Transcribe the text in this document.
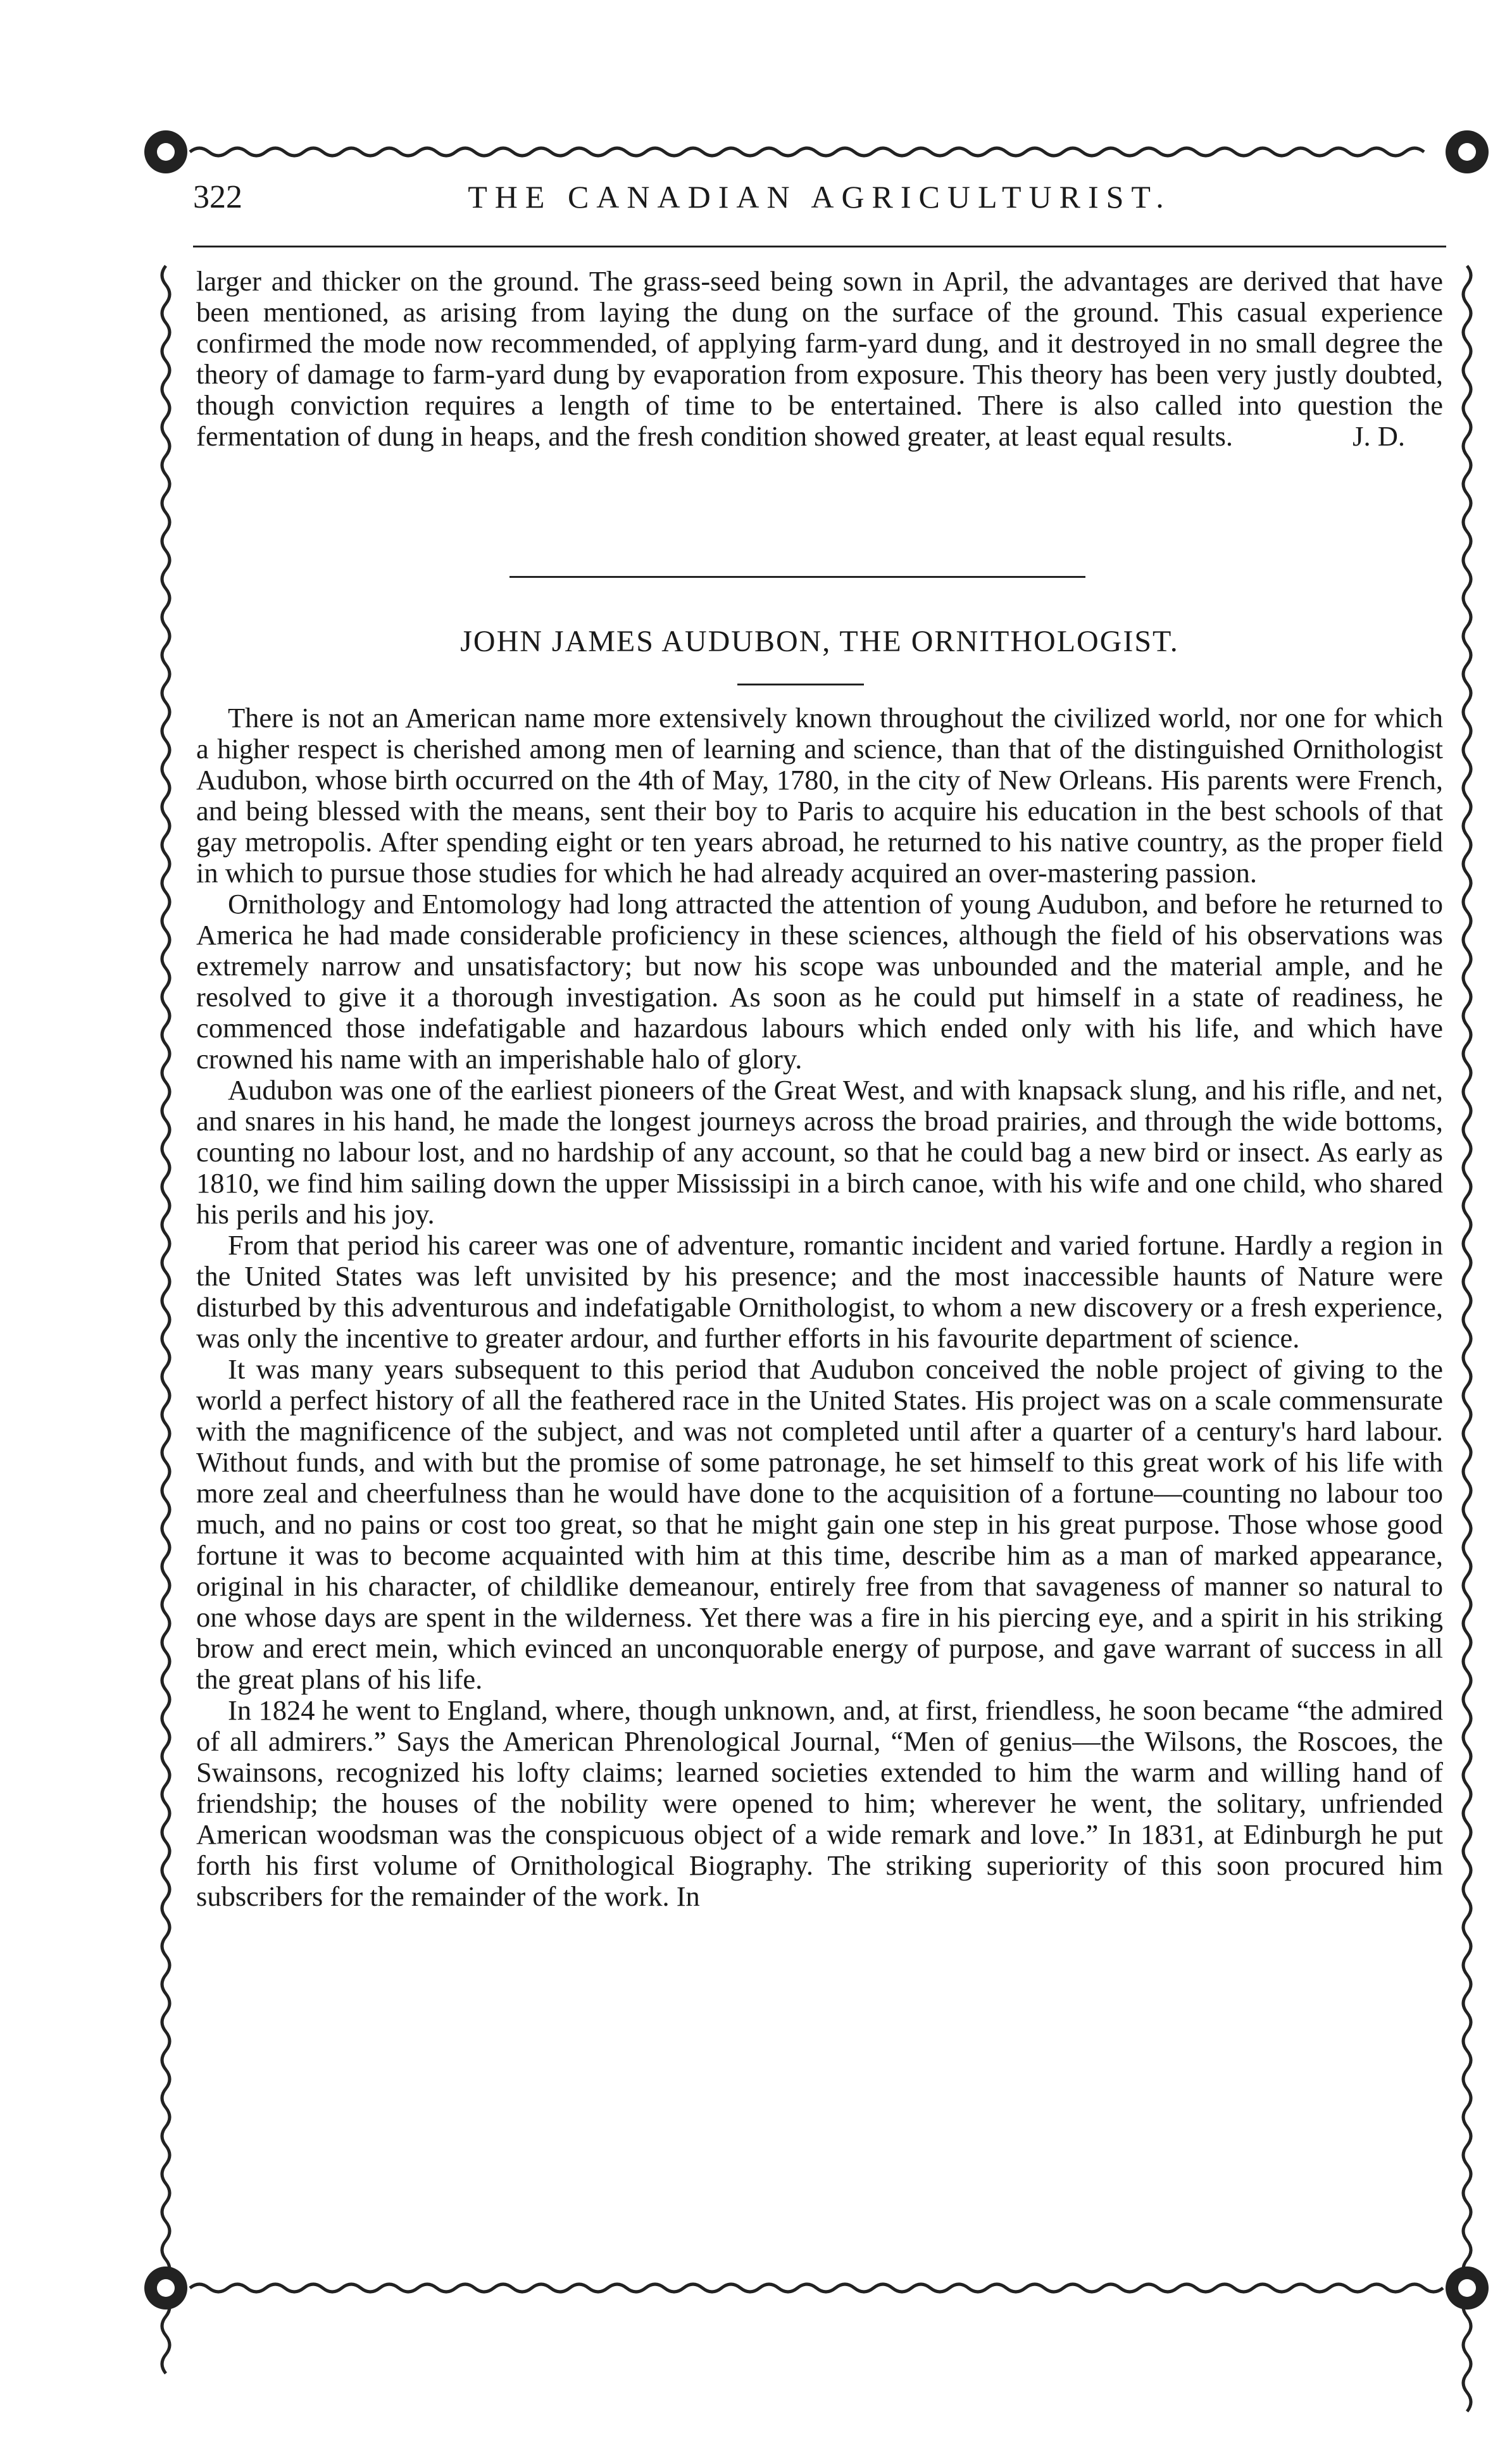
322	THE CANADIAN AGRICULTURIST.

larger and thicker on the ground. The grass-seed being sown in April, the advantages are derived that have been mentioned, as arising from laying the dung on the surface of the ground. This casual experience confirmed the mode now recommended, of applying farm-yard dung, and it destroyed in no small degree the theory of damage to farm-yard dung by evaporation from exposure. This theory has been very justly doubted, though conviction requires a length of time to be entertained. There is also called into question the fermentation of dung in heaps, and the fresh condition showed greater, at least equal results.	J. D.
JOHN JAMES AUDUBON, THE ORNITHOLOGIST.

There is not an American name more extensively known throughout the civilized world, nor one for which a higher respect is cherished among men of learning and science, than that of the distinguished Ornithologist Audubon, whose birth occurred on the 4th of May, 1780, in the city of New Orleans. His parents were French, and being blessed with the means, sent their boy to Paris to acquire his education in the best schools of that gay metropolis. After spending eight or ten years abroad, he returned to his native country, as the proper field in which to pursue those studies for which he had already acquired an over-mastering passion.

Ornithology and Entomology had long attracted the attention of young Audubon, and before he returned to America he had made considerable proficiency in these sciences, although the field of his observations was extremely narrow and unsatisfactory; but now his scope was unbounded and the material ample, and he resolved to give it a thorough investigation. As soon as he could put himself in a state of readiness, he commenced those indefatigable and hazardous labours which ended only with his life, and which have crowned his name with an imperishable halo of glory.

Audubon was one of the earliest pioneers of the Great West, and with knapsack slung, and his rifle, and net, and snares in his hand, he made the longest journeys across the broad prairies, and through the wide bottoms, counting no labour lost, and no hardship of any account, so that he could bag a new bird or insect. As early as 1810, we find him sailing down the upper Mississipi in a birch canoe, with his wife and one child, who shared his perils and his joy.

From that period his career was one of adventure, romantic incident and varied fortune. Hardly a region in the United States was left unvisited by his presence; and the most inaccessible haunts of Nature were disturbed by this adventurous and indefatigable Ornithologist, to whom a new discovery or a fresh experience, was only the incentive to greater ardour, and further efforts in his favourite department of science.

It was many years subsequent to this period that Audubon conceived the noble project of giving to the world a perfect history of all the feathered race in the United States. His project was on a scale commensurate with the magnificence of the subject, and was not completed until after a quarter of a century's hard labour. Without funds, and with but the promise of some patronage, he set himself to this great work of his life with more zeal and cheerfulness than he would have done to the acquisition of a fortune—counting no labour too much, and no pains or cost too great, so that he might gain one step in his great purpose. Those whose good fortune it was to become acquainted with him at this time, describe him as a man of marked appearance, original in his character, of childlike demeanour, entirely free from that savageness of manner so natural to one whose days are spent in the wilderness. Yet there was a fire in his piercing eye, and a spirit in his striking brow and erect mein, which evinced an unconquorable energy of purpose, and gave warrant of success in all the great plans of his life.

In 1824 he went to England, where, though unknown, and, at first, friendless, he soon became “the admired of all admirers.” Says the American Phrenological Journal, “Men of genius—the Wilsons, the Roscoes, the Swainsons, recognized his lofty claims; learned societies extended to him the warm and willing hand of friendship; the houses of the nobility were opened to him; wherever he went, the solitary, unfriended American woodsman was the conspicuous object of a wide remark and love.” In 1831, at Edinburgh he put forth his first volume of Ornithological Biography. The striking superiority of this soon procured him subscribers for the remainder of the work. In
